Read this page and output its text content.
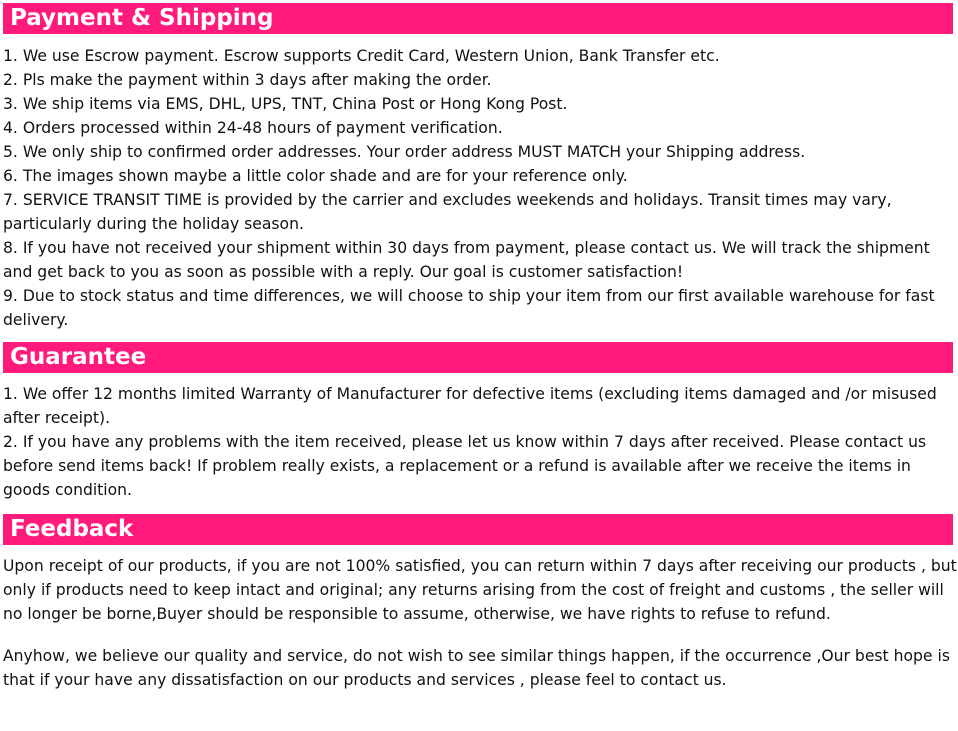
Payment & Shipping
1. 1. We use Escrow payment. Escrow supports Credit Card, Western Union, Bank Transfer etc.
2. 2. Pls make the payment within 3 days after making the order.
3. 3. We ship items via EMS, DHL, UPS, TNT, China Post or Hong Kong Post.
4. 4. Orders processed within 24-48 hours of payment verification.
5. 5. We only ship to confirmed order addresses. Your order address MUST MATCH your Shipping address.
6. 6. The images shown maybe a little color shade and are for your reference only.
7. 7. SERVICE TRANSIT TIME is provided by the carrier and excludes weekends and holidays. Transit times may vary, particularly during the holiday season.
8. 8. If you have not received your shipment within 30 days from payment, please contact us. We will track the shipment and get back to you as soon as possible with a reply. Our goal is customer satisfaction!
9. 9. Due to stock status and time differences, we will choose to ship your item from our first available warehouse for fast delivery.
Guarantee
1. 1. We offer 12 months limited Warranty of Manufacturer for defective items (excluding items damaged and /or misused after receipt).
2. 2. If you have any problems with the item received, please let us know within 7 days after received. Please contact us before send items back! If problem really exists, a replacement or a refund is available after we receive the items in goods condition.
Feedback

Upon receipt of our products, if you are not 100% satisfied, you can return within 7 days after receiving our products , but only if products need to keep intact and original; any returns arising from the cost of freight and customs , the seller will no longer be borne,Buyer should be responsible to assume, otherwise, we have rights to refuse to refund.

Anyhow, we believe our quality and service, do not wish to see similar things happen, if the occurrence ,Our best hope is that if your have any dissatisfaction on our products and services , please feel to contact us.
